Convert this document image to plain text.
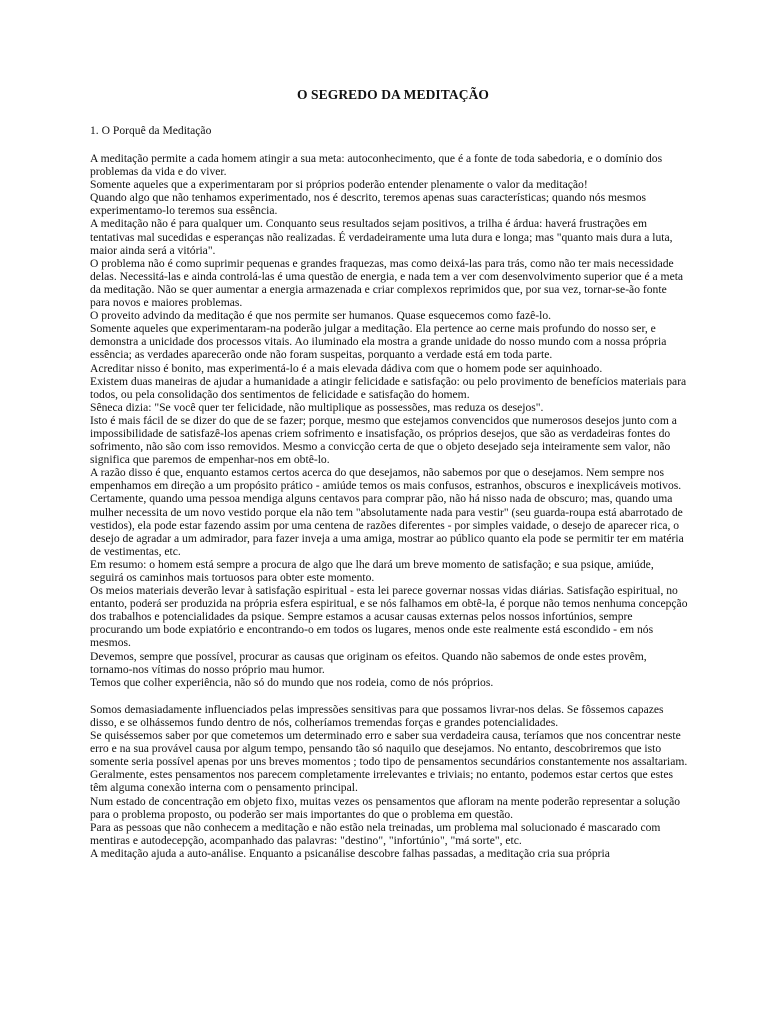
O SEGREDO DA MEDITAÇÃO

1. O Porquê da Meditação

A meditação permite a cada homem atingir a sua meta: autoconhecimento, que é a fonte de toda sabedoria, e o domínio dos problemas da vida e do viver.

Somente aqueles que a experimentaram por si próprios poderão entender plenamente o valor da meditação!

Quando algo que não tenhamos experimentado, nos é descrito, teremos apenas suas características; quando nós mesmos experimentamo-lo teremos sua essência.

A meditação não é para qualquer um. Conquanto seus resultados sejam positivos, a trilha é árdua: haverá frustrações em tentativas mal sucedidas e esperanças não realizadas. É verdadeiramente uma luta dura e longa; mas "quanto mais dura a luta, maior ainda será a vitória".

O problema não é como suprimir pequenas e grandes fraquezas, mas como deixá-las para trás, como não ter mais necessidade delas. Necessitá-las e ainda controlá-las é uma questão de energia, e nada tem a ver com desenvolvimento superior que é a meta da meditação. Não se quer aumentar a energia armazenada e criar complexos reprimidos que, por sua vez, tornar-se-ão fonte para novos e maiores problemas.

O proveito advindo da meditação é que nos permite ser humanos. Quase esquecemos como fazê-lo.

Somente aqueles que experimentaram-na poderão julgar a meditação. Ela pertence ao cerne mais profundo do nosso ser, e demonstra a unicidade dos processos vitais. Ao iluminado ela mostra a grande unidade do nosso mundo com a nossa própria essência; as verdades aparecerão onde não foram suspeitas, porquanto a verdade está em toda parte.

Acreditar nisso é bonito, mas experimentá-lo é a mais elevada dádiva com que o homem pode ser aquinhoado.

Existem duas maneiras de ajudar a humanidade a atingir felicidade e satisfação: ou pelo provimento de benefícios materiais para todos, ou pela consolidação dos sentimentos de felicidade e satisfação do homem.

Sêneca dizia: "Se você quer ter felicidade, não multiplique as possessões, mas reduza os desejos".

Isto é mais fácil de se dizer do que de se fazer; porque, mesmo que estejamos convencidos que numerosos desejos junto com a impossibilidade de satisfazê-los apenas criem sofrimento e insatisfação, os próprios desejos, que são as verdadeiras fontes do sofrimento, não são com isso removidos. Mesmo a convicção certa de que o objeto desejado seja inteiramente sem valor, não significa que paremos de empenhar-nos em obtê-lo.

A razão disso é que, enquanto estamos certos acerca do que desejamos, não sabemos por que o desejamos. Nem sempre nos empenhamos em direção a um propósito prático - amiúde temos os mais confusos, estranhos, obscuros e inexplicáveis motivos. Certamente, quando uma pessoa mendiga alguns centavos para comprar pão, não há nisso nada de obscuro; mas, quando uma mulher necessita de um novo vestido porque ela não tem "absolutamente nada para vestir" (seu guarda-roupa está abarrotado de vestidos), ela pode estar fazendo assim por uma centena de razões diferentes - por simples vaidade, o desejo de aparecer rica, o desejo de agradar a um admirador, para fazer inveja a uma amiga, mostrar ao público quanto ela pode se permitir ter em matéria de vestimentas, etc.

Em resumo: o homem está sempre a procura de algo que lhe dará um breve momento de satisfação; e sua psique, amiúde, seguirá os caminhos mais tortuosos para obter este momento.

Os meios materiais deverão levar à satisfação espiritual - esta lei parece governar nossas vidas diárias. Satisfação espiritual, no entanto, poderá ser produzida na própria esfera espiritual, e se nós falhamos em obtê-la, é porque não temos nenhuma concepção dos trabalhos e potencialidades da psique. Sempre estamos a acusar causas externas pelos nossos infortúnios, sempre procurando um bode expiatório e encontrando-o em todos os lugares, menos onde este realmente está escondido - em nós mesmos.

Devemos, sempre que possível, procurar as causas que originam os efeitos. Quando não sabemos de onde estes provêm, tornamo-nos vítimas do nosso próprio mau humor.

Temos que colher experiência, não só do mundo que nos rodeia, como de nós próprios.

Somos demasiadamente influenciados pelas impressões sensitivas para que possamos livrar-nos delas. Se fôssemos capazes disso, e se olhássemos fundo dentro de nós, colheríamos tremendas forças e grandes potencialidades.

Se quiséssemos saber por que cometemos um determinado erro e saber sua verdadeira causa, teríamos que nos concentrar neste erro e na sua provável causa por algum tempo, pensando tão só naquilo que desejamos. No entanto, descobriremos que isto somente seria possível apenas por uns breves momentos ; todo tipo de pensamentos secundários constantemente nos assaltariam. Geralmente, estes pensamentos nos parecem completamente irrelevantes e triviais; no entanto, podemos estar certos que estes têm alguma conexão interna com o pensamento principal.

Num estado de concentração em objeto fixo, muitas vezes os pensamentos que afloram na mente poderão representar a solução para o problema proposto, ou poderão ser mais importantes do que o problema em questão.

Para as pessoas que não conhecem a meditação e não estão nela treinadas, um problema mal solucionado é mascarado com mentiras e autodecepção, acompanhado das palavras: "destino", "infortúnio", "má sorte", etc.

A meditação ajuda a auto-análise. Enquanto a psicanálise descobre falhas passadas, a meditação cria sua própria
